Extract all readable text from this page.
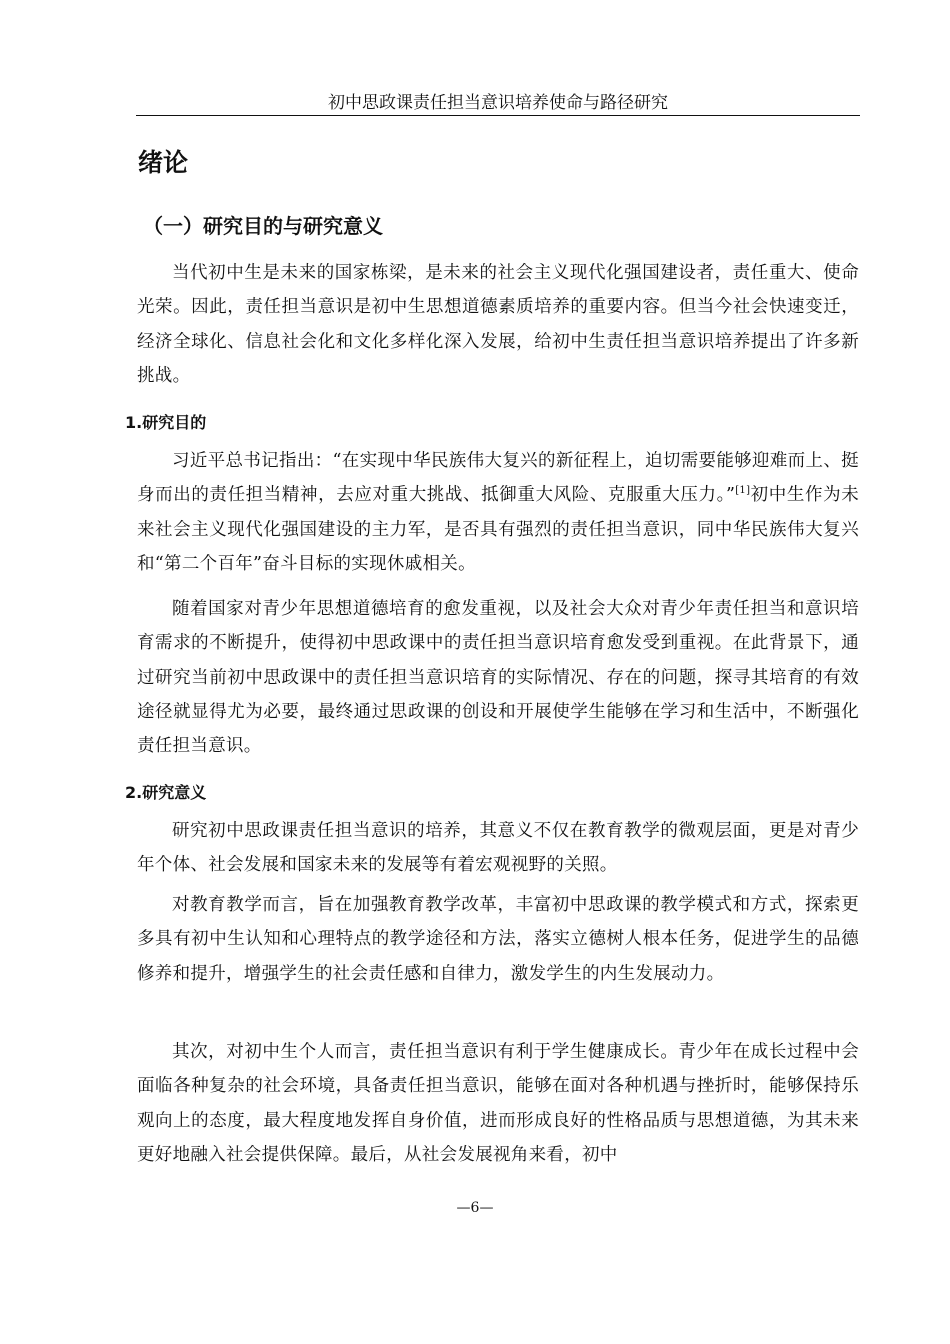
初中思政课责任担当意识培养使命与路径研究
绪论
（一）研究目的与研究意义

当代初中生是未来的国家栋梁，是未来的社会主义现代化强国建设者，责任重大、使命光荣。因此，责任担当意识是初中生思想道德素质培养的重要内容。但当今社会快速变迁，经济全球化、信息社会化和文化多样化深入发展，给初中生责任担当意识培养提出了许多新挑战。

1.研究目的

习近平总书记指出：“在实现中华民族伟大复兴的新征程上，迫切需要能够迎难而上、挺身而出的责任担当精神，去应对重大挑战、抵御重大风险、克服重大压力。”[1]初中生作为未来社会主义现代化强国建设的主力军，是否具有强烈的责任担当意识，同中华民族伟大复兴和“第二个百年”奋斗目标的实现休戚相关。

随着国家对青少年思想道德培育的愈发重视，以及社会大众对青少年责任担当和意识培育需求的不断提升，使得初中思政课中的责任担当意识培育愈发受到重视。在此背景下，通过研究当前初中思政课中的责任担当意识培育的实际情况、存在的问题，探寻其培育的有效途径就显得尤为必要，最终通过思政课的创设和开展使学生能够在学习和生活中，不断强化责任担当意识。

2.研究意义

研究初中思政课责任担当意识的培养，其意义不仅在教育教学的微观层面，更是对青少年个体、社会发展和国家未来的发展等有着宏观视野的关照。

对教育教学而言，旨在加强教育教学改革，丰富初中思政课的教学模式和方式，探索更多具有初中生认知和心理特点的教学途径和方法，落实立德树人根本任务，促进学生的品德修养和提升，增强学生的社会责任感和自律力，激发学生的内生发展动力。

其次，对初中生个人而言，责任担当意识有利于学生健康成长。青少年在成长过程中会面临各种复杂的社会环境，具备责任担当意识，能够在面对各种机遇与挫折时，能够保持乐观向上的态度，最大程度地发挥自身价值，进而形成良好的性格品质与思想道德，为其未来更好地融入社会提供保障。最后，从社会发展视角来看，初中

—6—
